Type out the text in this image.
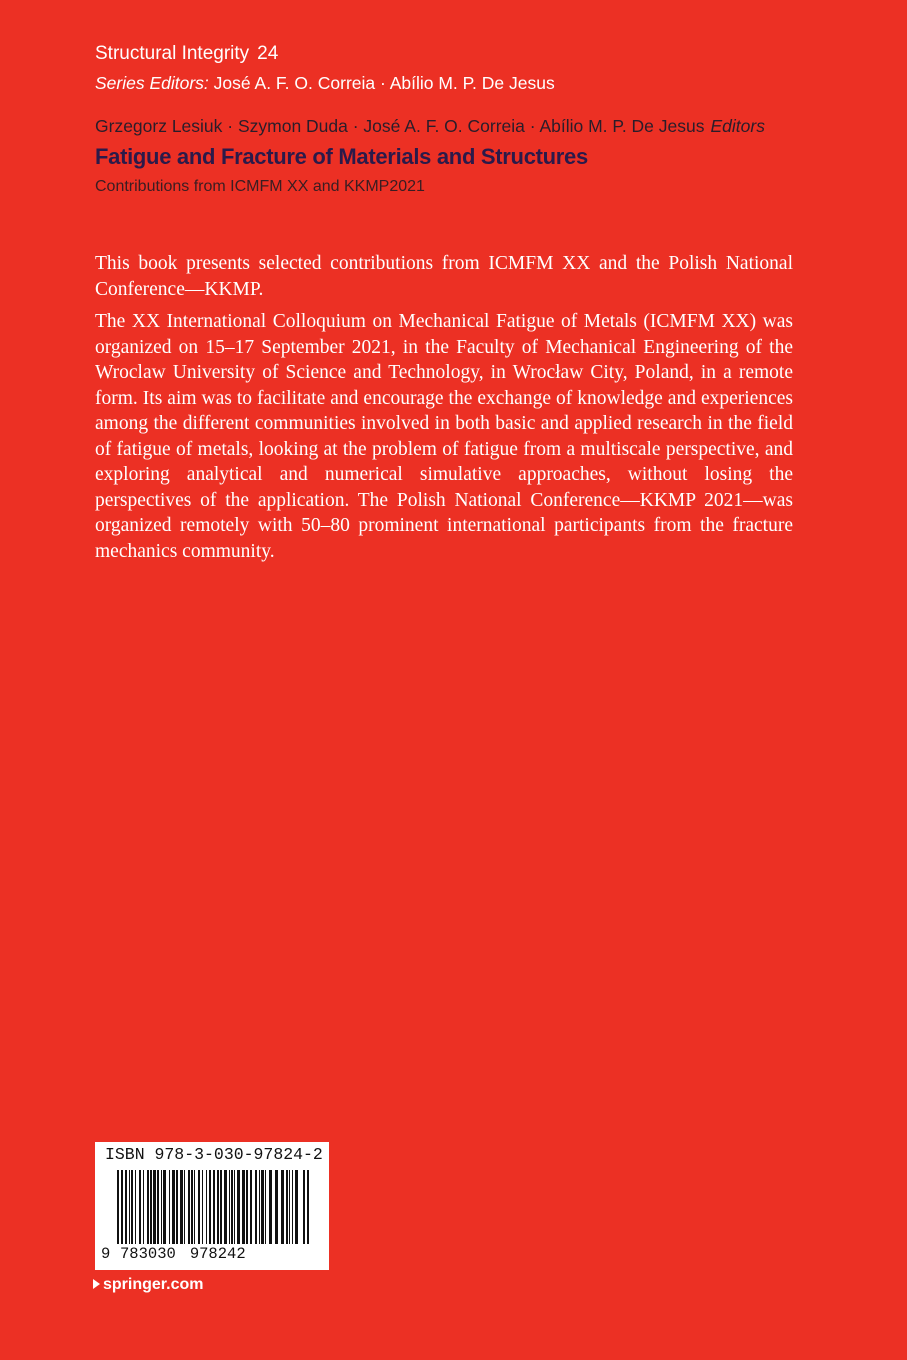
Structural Integrity 24
Series Editors: José A. F. O. Correia · Abílio M. P. De Jesus
Grzegorz Lesiuk · Szymon Duda · José A. F. O. Correia · Abílio M. P. De Jesus Editors
Fatigue and Fracture of Materials and Structures
Contributions from ICMFM XX and KKMP2021

This book presents selected contributions from ICMFM XX and the Polish National Conference—KKMP.

The XX International Colloquium on Mechanical Fatigue of Metals (ICMFM XX) was organized on 15–17 September 2021, in the Faculty of Mechanical Engineering of the Wroclaw University of Science and Technology, in Wrocław City, Poland, in a remote form. Its aim was to facilitate and encourage the exchange of knowledge and experiences among the different communities involved in both basic and applied research in the field of fatigue of metals, looking at the problem of fatigue from a multiscale perspective, and exploring analytical and numerical simulative approaches, without losing the perspectives of the application. The Polish National Conference—KKMP 2021—was organized remotely with 50–80 prominent international participants from the fracture mechanics community.

ISBN 978-3-030-97824-2
9 783030 978242
springer.com
